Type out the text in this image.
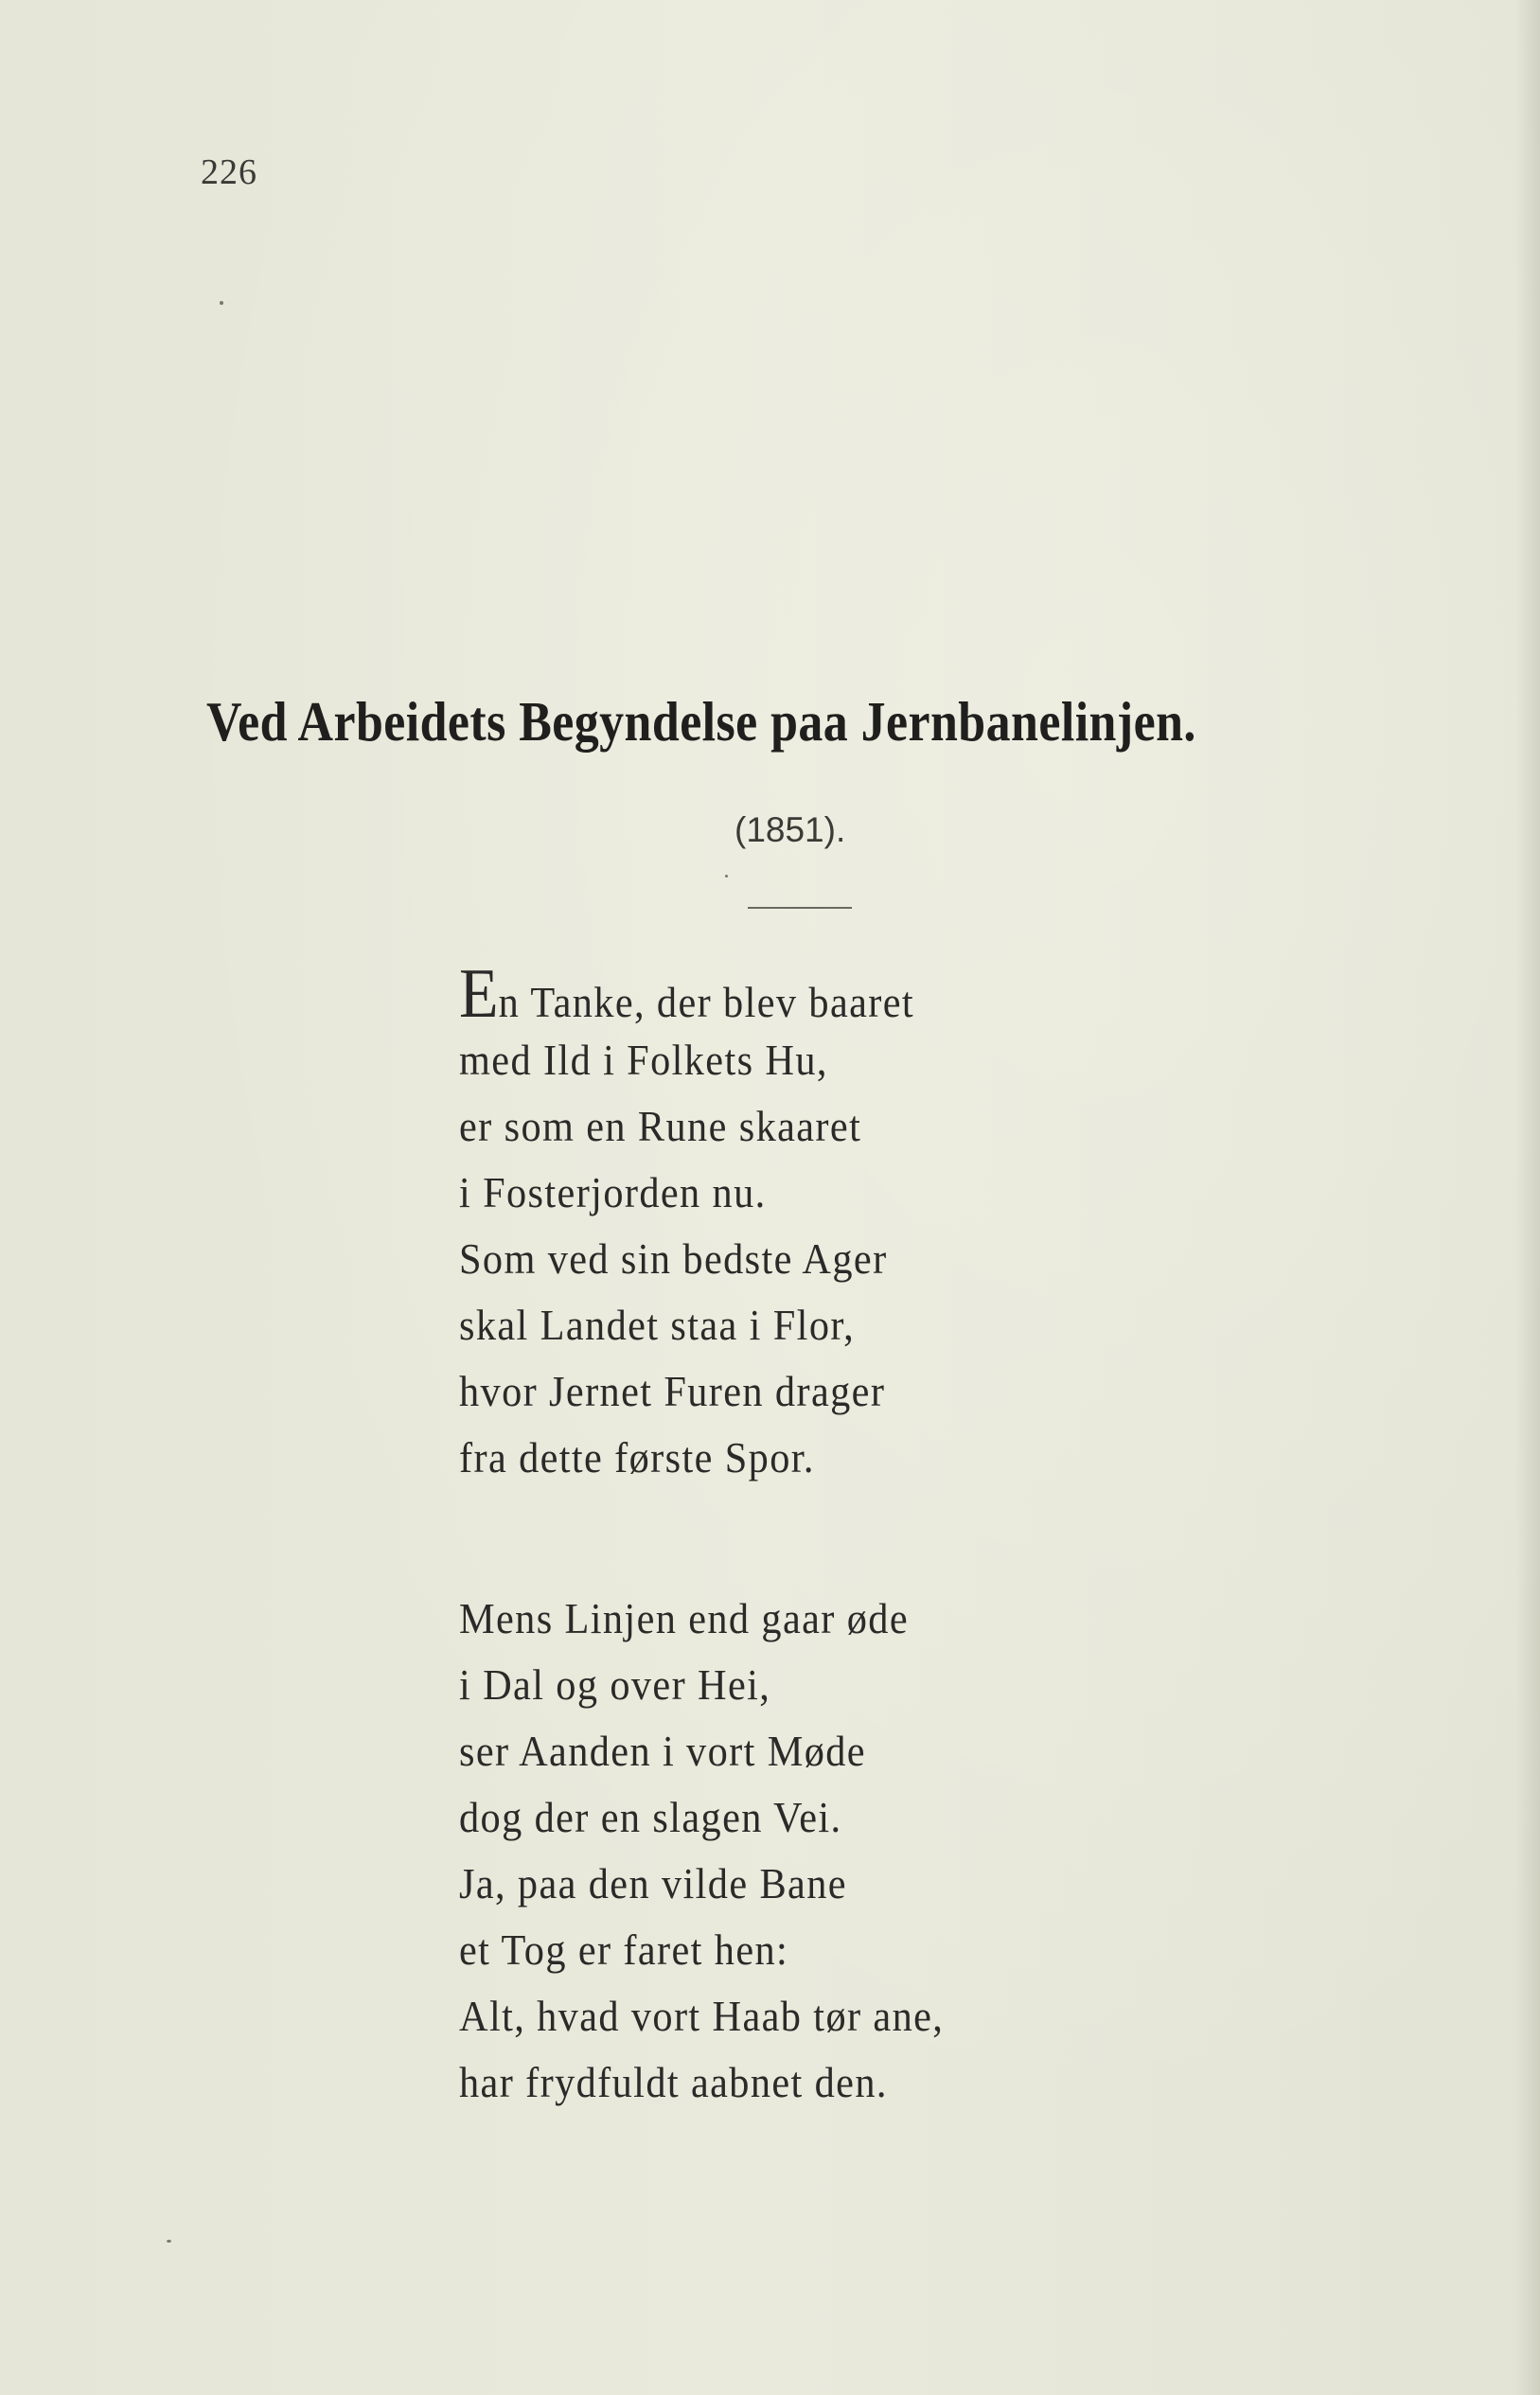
226
Ved Arbeidets Begyndelse paa Jernbanelinjen.
(1851).
En Tanke, der blev baaret
med Ild i Folkets Hu,
er som en Rune skaaret
i Fosterjorden nu.
Som ved sin bedste Ager
skal Landet staa i Flor,
hvor Jernet Furen drager
fra dette første Spor.
Mens Linjen end gaar øde
i Dal og over Hei,
ser Aanden i vort Møde
dog der en slagen Vei.
Ja, paa den vilde Bane
et Tog er faret hen:
Alt, hvad vort Haab tør ane,
har frydfuldt aabnet den.
